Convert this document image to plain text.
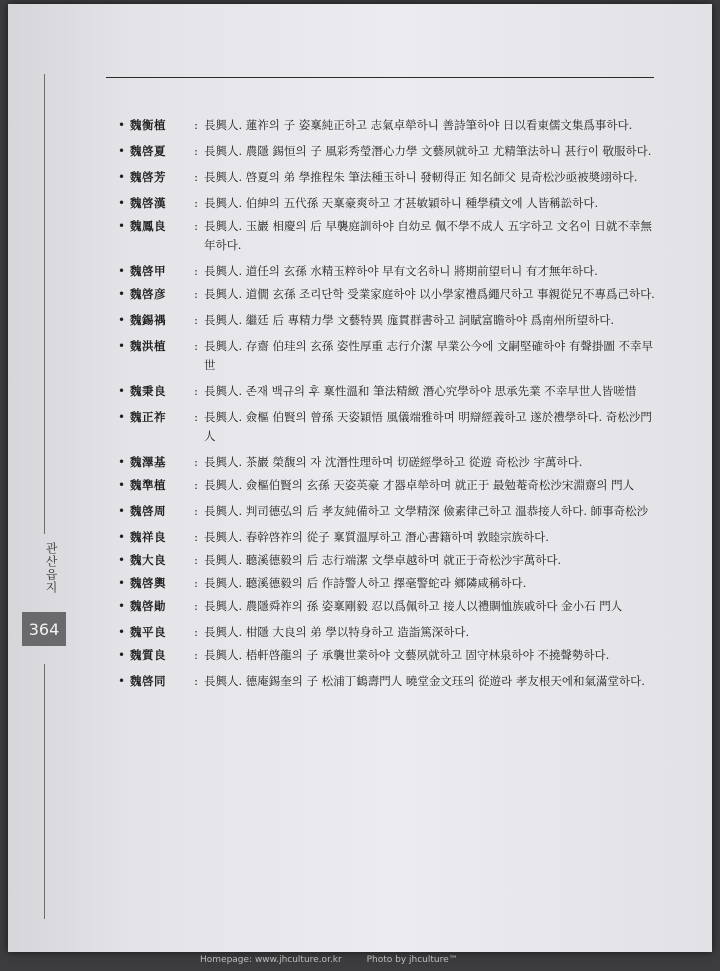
관산읍지
364
• 魏衡植	: 長興人. 蓮祚의 子 姿稟純正하고 志氣卓犖하니 善詩筆하야 日以看東儒文集爲事하다.
• 魏啓夏	: 長興人. 農隱 錫恒의 子 風彩秀瑩潛心力學 文藝夙就하고 尤精筆法하니 甚行이 敬服하다.
• 魏啓芳	: 長興人. 啓夏의 弟 學推程朱 筆法種玉하니 發軔得正 知名師父 見奇松沙亟被奬翊하다.
• 魏啓漢	: 長興人. 伯紳의 五代孫 天稟豪爽하고 才甚敏穎하니 種學積文에 人皆稱訟하다.
• 魏鳳良	: 長興人. 玉巖 相慶의 后 早襲庭訓하야 自幼로 佩不學不成人 五字하고 文名이 日就不幸無年하다.
• 魏啓甲	: 長興人. 道任의 玄孫 水精玉粹하야 早有文名하니 將期前望터니 有才無年하다.
• 魏啓彦	: 長興人. 道僩 玄孫 조리단학 受業家庭하야 以小學家禮爲繩尺하고 事親從兄不專爲己하다.
• 魏錫禑	: 長興人. 繼廷 后 專精力學 文藝特異 庬貫群書하고 詞賦富瞻하야 爲南州所望하다.
• 魏洪植	: 長興人. 存齋 伯珪의 玄孫 姿性厚重 志行介潔 早業公今에 文嗣堅確하야 有聲掛圖 不幸早世
• 魏秉良	: 長興人. 존재 백규의 후 稟性溫和 筆法精緻 潛心究學하야 思承先業 不幸早世人皆嗟惜
• 魏正祚	: 長興人. 僉樞 伯賢의 曾孫 天姿穎悟 風儀端雅하며 明辯經義하고 遂於禮學하다. 奇松沙門人
• 魏澤基	: 長興人. 茶巖 榮馥의 자 沈潛性理하며 切磋經學하고 從遊 奇松沙 宇萬하다.
• 魏準植	: 長興人. 僉樞伯賢의 玄孫 天姿英豪 才器卓犖하며 就正于 最勉菴奇松沙宋淵齋의 門人
• 魏啓周	: 長興人. 判司德弘의 后 孝友純備하고 文學精深 儉素律己하고 溫恭接人하다. 師事奇松沙
• 魏祥良	: 長興人. 春幹啓祚의 從子 稟質溫厚하고 潛心書籍하며 敦睦宗族하다.
• 魏大良	: 長興人. 聽溪德毅의 后 志行端潔 文學卓越하며 就正于奇松沙宇萬하다.
• 魏啓輿	: 長興人. 聽溪德毅의 后 作詩警人하고 擇毫警蛇라 鄉隣咸稱하다.
• 魏啓勛	: 長興人. 農隱舜祚의 孫 姿稟剛毅 忍以爲佩하고 接人以禮賙恤族戚하다 金小石 門人
• 魏平良	: 長興人. 柑隱 大良의 弟 學以特身하고 造詣篤深하다.
• 魏質良	: 長興人. 梧軒啓龍의 子 承襲世業하야 文藝夙就하고 固守林泉하야 不撓聲勢하다.
• 魏啓同	: 長興人. 德庵錫奎의 子 松浦丁鶴壽門人 曉堂金文珏의 從遊라 孝友根天에和氣滿堂하다.
Homepage: www.jhculture.or.kr	Photo by jhculture™
